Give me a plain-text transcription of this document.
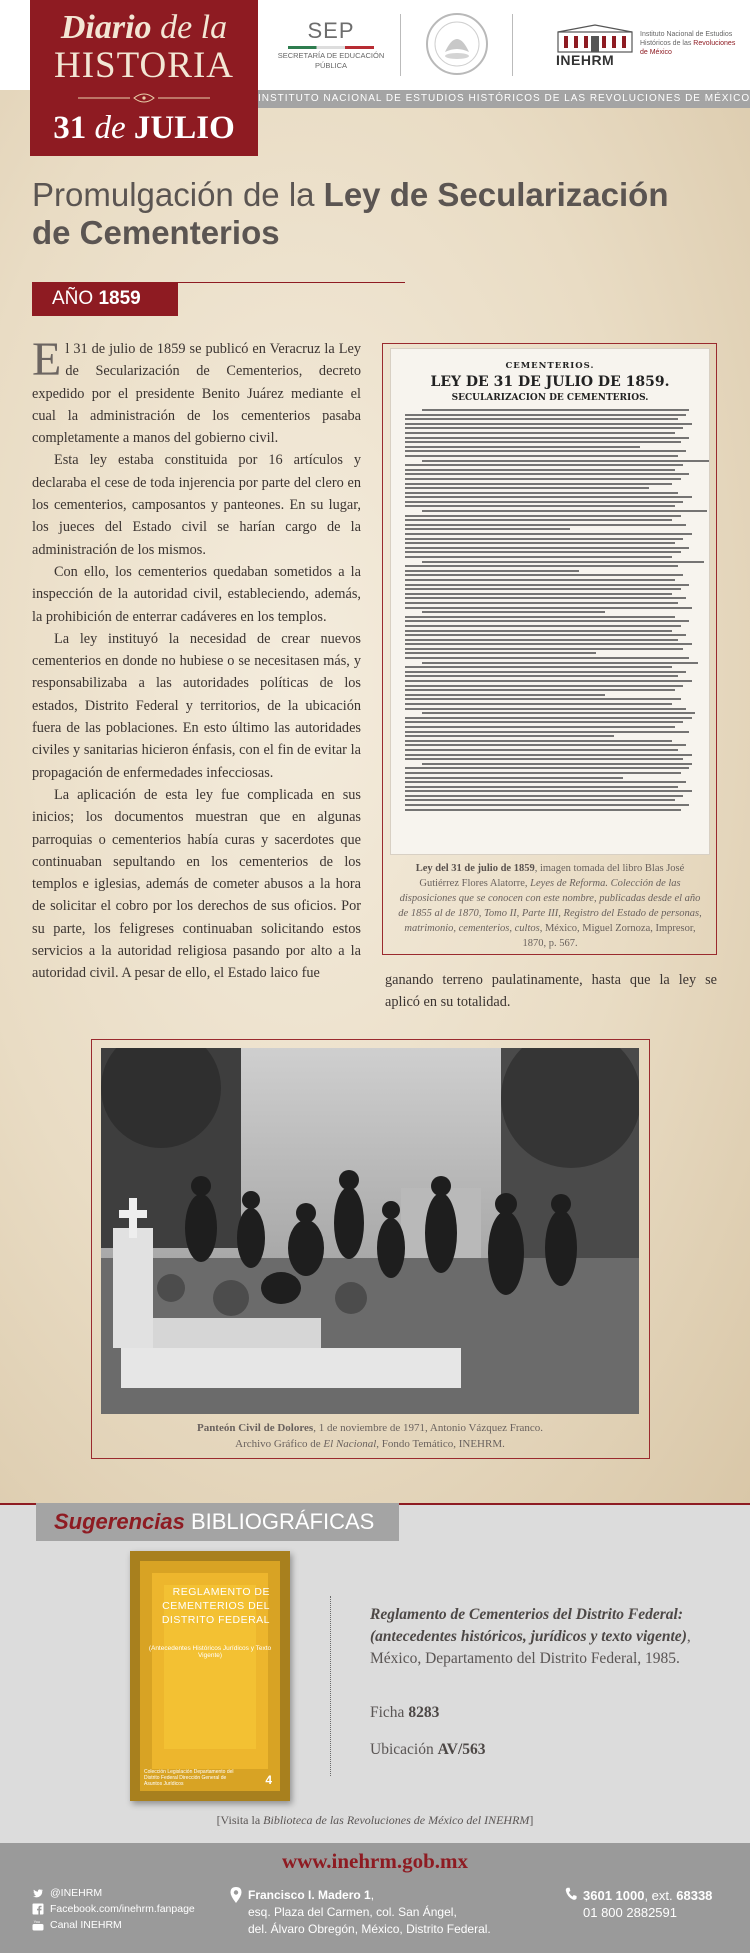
Diario de la
HISTORIA
31 de JULIO
SEP
SECRETARÍA DE EDUCACIÓN PÚBLICA	INEHRM
Instituto Nacional de Estudios Históricos de las Revoluciones de México
INSTITUTO NACIONAL DE ESTUDIOS HISTÓRICOS DE LAS REVOLUCIONES DE MÉXICO
Promulgación de la Ley de Secularización
de Cementerios
AÑO 1859

El 31 de julio de 1859 se publicó en Veracruz la Ley de Secularización de Cementerios, decreto expedido por el presidente Benito Juárez mediante el cual la administración de los cementerios pasaba completamente a manos del gobierno civil.

Esta ley estaba constituida por 16 artículos y declaraba el cese de toda injerencia por parte del clero en los cementerios, camposantos y panteones. En su lugar, los jueces del Estado civil se harían cargo de la administración de los mismos.

Con ello, los cementerios quedaban sometidos a la inspección de la autoridad civil, estableciendo, además, la prohibición de enterrar cadáveres en los templos.

La ley instituyó la necesidad de crear nuevos cementerios en donde no hubiese o se necesitasen más, y responsabilizaba a las autoridades políticas de los estados, Distrito Federal y territorios, de la ubicación fuera de las poblaciones. En esto último las autoridades civiles y sanitarias hicieron énfasis, con el fin de evitar la propagación de enfermedades infecciosas.

La aplicación de esta ley fue complicada en sus inicios; los documentos muestran que en algunas parroquias o cementerios había curas y sacerdotes que continuaban sepultando en los cementerios de los templos e iglesias, además de cometer abusos a la hora de solicitar el cobro por los derechos de sus oficios. Por su parte, los feligreses continuaban solicitando estos servicios a la autoridad religiosa pasando por alto a la autoridad civil. A pesar de ello, el Estado laico fue	ganando terreno paulatinamente, hasta que la ley se aplicó en su totalidad.
CEMENTERIOS.
LEY DE 31 DE JULIO DE 1859.
SECULARIZACION DE CEMENTERIOS.
Ley del 31 de julio de 1859, imagen tomada del libro Blas José Gutiérrez Flores Alatorre, Leyes de Reforma. Colección de las disposiciones que se conocen con este nombre, publicadas desde el año de 1855 al de 1870, Tomo II, Parte III, Registro del Estado de personas, matrimonio, cementerios, cultos, México, Miguel Zornoza, Impresor, 1870, p. 567.
Panteón Civil de Dolores, 1 de noviembre de 1971, Antonio Vázquez Franco.
Archivo Gráfico de El Nacional, Fondo Temático, INEHRM.
Sugerencias BIBLIOGRÁFICAS
REGLAMENTO DE CEMENTERIOS DEL DISTRITO FEDERAL
(Antecedentes Históricos Jurídicos y Texto Vigente)
Colección Legislación Departamento del Distrito Federal Dirección General de Asuntos Jurídicos	4
Reglamento de Cementerios del Distrito Federal: (antecedentes históricos, jurídicos y texto vigente), México, Departamento del Distrito Federal, 1985.
Ficha 8283
Ubicación AV/563
[Visita la Biblioteca de las Revoluciones de México del INEHRM]
www.inehrm.gob.mx
@INEHRM
Facebook.com/inehrm.fanpage
You Canal INEHRM
Francisco I. Madero 1,
esq. Plaza del Carmen, col. San Ángel,
del. Álvaro Obregón, México, Distrito Federal.
3601 1000, ext. 68338
01 800 2882591
